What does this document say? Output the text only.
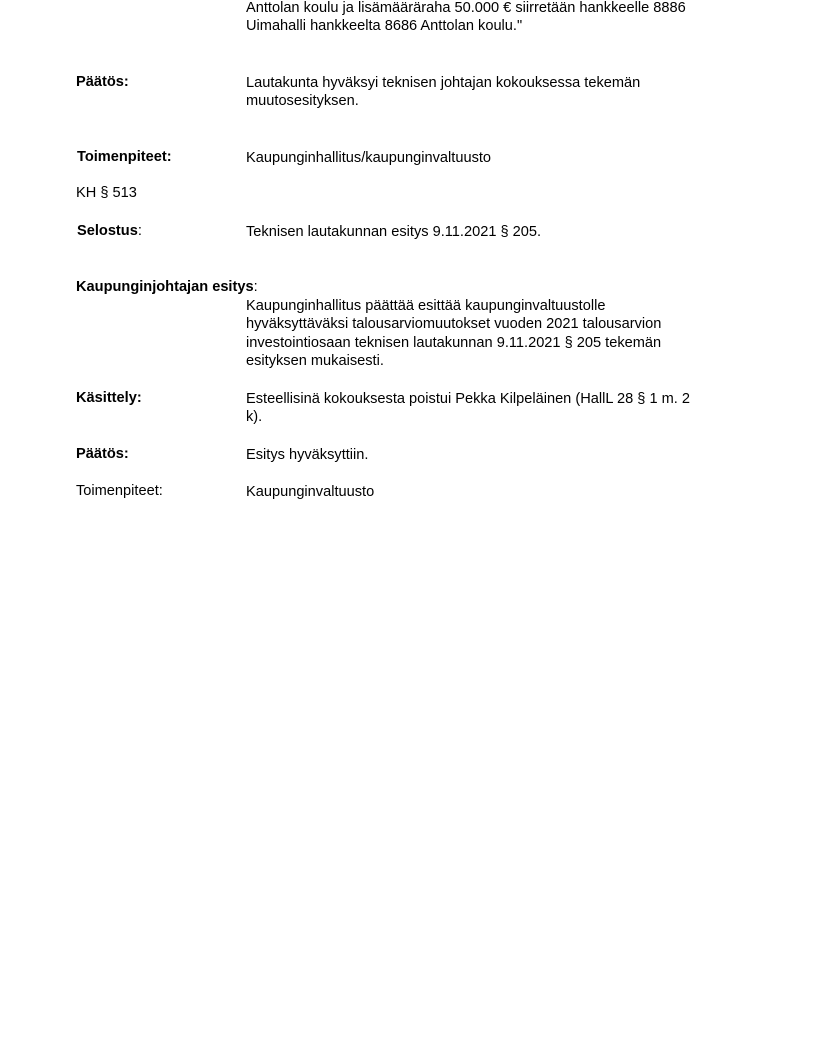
Anttolan koulu ja lisämääräraha 50.000 € siirretään hankkeelle 8886
Uimahalli hankkeelta 8686 Anttolan koulu."
Päätös:	Lautakunta hyväksyi teknisen johtajan kokouksessa tekemän
muutosesityksen.
Toimenpiteet:	Kaupunginhallitus/kaupunginvaltuusto
KH § 513
Selostus:	Teknisen lautakunnan esitys 9.11.2021 § 205.
Kaupunginjohtajan esitys:
Kaupunginhallitus päättää esittää kaupunginvaltuustolle
hyväksyttäväksi talousarviomuutokset vuoden 2021 talousarvion
investointiosaan teknisen lautakunnan 9.11.2021 § 205 tekemän
esityksen mukaisesti.
Käsittely:	Esteellisinä kokouksesta poistui Pekka Kilpeläinen (HallL 28 § 1 m. 2
k).
Päätös:	Esitys hyväksyttiin.
Toimenpiteet:	Kaupunginvaltuusto
